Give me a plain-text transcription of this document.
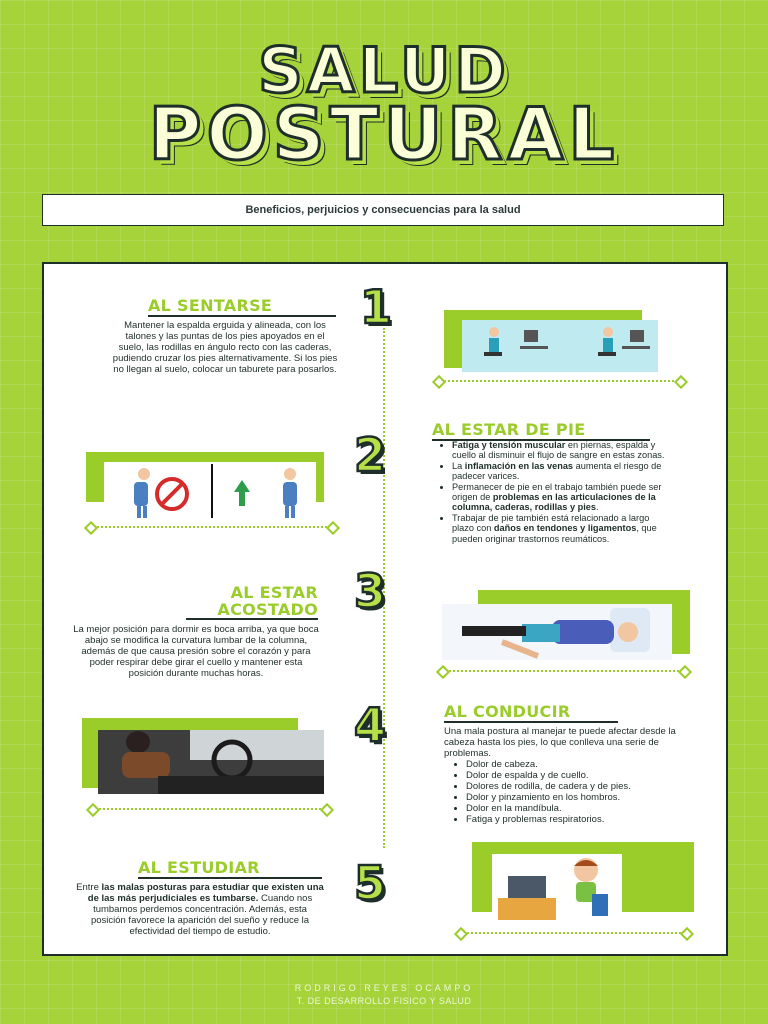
SALUD
POSTURAL
Beneficios, perjuicios y consecuencias para la salud
AL SENTARSE	1
Mantener la espalda erguida y alineada, con los talones y las puntas de los pies apoyados en el suelo, las rodillas en ángulo recto con las caderas, pudiendo cruzar los pies alternativamente. Si los pies no llegan al suelo, colocar un taburete para posarlos.
AL ESTAR DE PIE
2
•	Fatiga y tensión muscular en piernas, espalda y cuello al disminuir el flujo de sangre en estas zonas.
• La inflamación en las venas aumenta el riesgo de padecer varices.
• Permanecer de pie en el trabajo también puede ser origen de problemas en las articulaciones de la columna, caderas, rodillas y pies.
• Trabajar de pie también está relacionado a largo plazo con daños en tendones y ligamentos, que pueden originar trastornos reumáticos.
AL ESTAR
ACOSTADO 3
La mejor posición para dormir es boca arriba, ya que boca abajo se modifica la curvatura lumbar de la columna, además de que causa presión sobre el corazón y para poder respirar debe girar el cuello y mantener esta posición durante muchas horas.
AL CONDUCIR
4	Una mala postura al manejar te puede afectar desde la cabeza hasta los pies, lo que conlleva una serie de problemas.
• Dolor de cabeza.
• Dolor de espalda y de cuello.
• Dolores de rodilla, de cadera y de pies.
• Dolor y pinzamiento en los hombros.
• Dolor en la mandíbula.
• Fatiga y problemas respiratorios.
AL ESTUDIAR	5
Entre las malas posturas para estudiar que existen una de las más perjudiciales es tumbarse. Cuando nos tumbamos perdemos concentración. Además, esta posición favorece la aparición del sueño y reduce la efectividad del tiempo de estudio.
RODRIGO REYES OCAMPO
T. DE DESARROLLO FISICO Y SALUD
